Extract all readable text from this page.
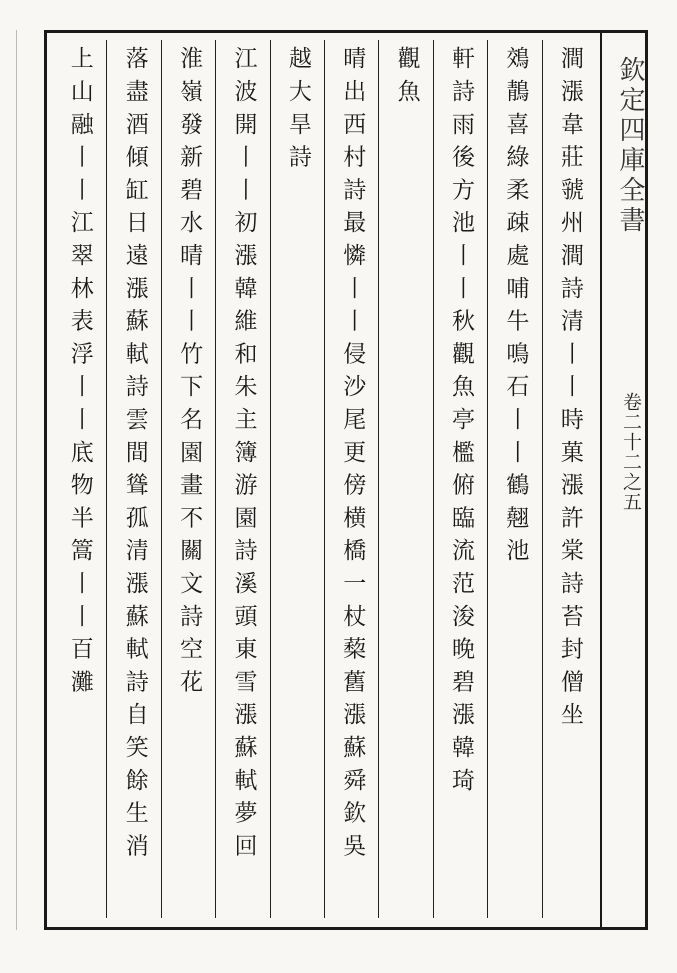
欽定四庫全書
卷二十二之五
澗漲韋莊虢州澗詩清丨丨時菓漲許棠詩苔封僧坐
鵁鶄喜綠柔疎處哺牛鳴石丨丨鶴翹池
軒詩雨後方池丨丨秋觀魚亭檻俯臨流范浚晚碧漲韓琦
觀魚
晴出西村詩最憐丨丨侵沙尾更傍横橋一杖蔾舊漲蘇舜欽吳
越大旱詩
江波開丨丨初漲韓維和朱主簿游園詩溪頭東雪漲蘇軾夢回
淮嶺發新碧水晴丨丨竹下名園畫不關文詩空花
落盡酒傾缸日遠漲蘇軾詩雲間聳孤清漲蘇軾詩自笑餘生消
上山融丨丨江翠林表浮丨丨底物半篙丨丨百灘
